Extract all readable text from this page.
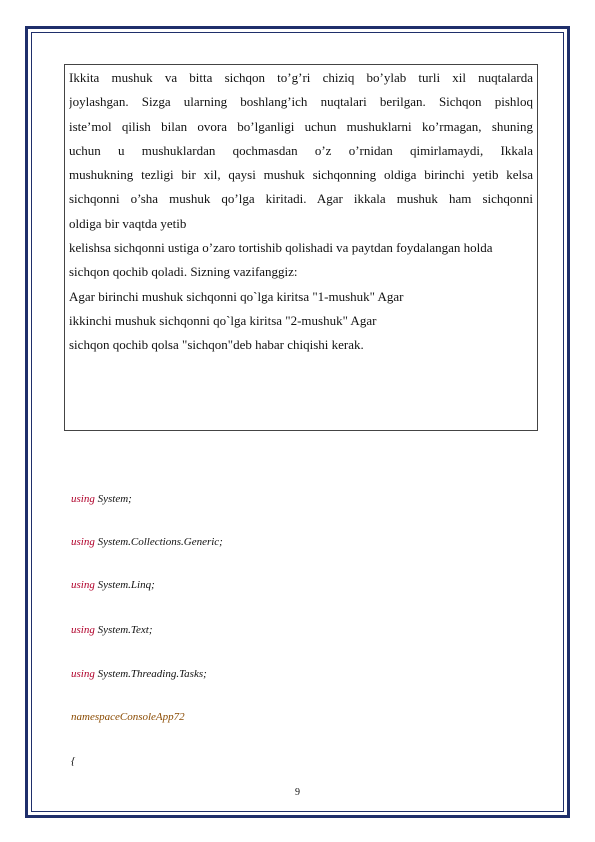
Ikkita mushuk va bitta sichqon to’g’ri chiziq bo’ylab turli xil nuqtalarda
joylashgan. Sizga ularning boshlang’ich nuqtalari berilgan. Sichqon pishloq
iste’mol qilish bilan ovora bo’lganligi uchun mushuklarni ko’rmagan, shuning
uchun u mushuklardan qochmasdan o’z o’rnidan qimirlamaydi, Ikkala
mushukning tezligi bir xil, qaysi mushuk sichqonning oldiga birinchi yetib kelsa
sichqonni o’sha mushuk qo’lga kiritadi. Agar ikkala mushuk ham sichqonni
oldiga bir vaqtda yetib
kelishsa sichqonni ustiga o’zaro tortishib qolishadi va paytdan foydalangan holda
sichqon qochib qoladi. Sizning vazifanggiz:
Agar birinchi mushuk sichqonni qo`lga kiritsa "1-mushuk" Agar
ikkinchi mushuk sichqonni qo`lga kiritsa "2-mushuk" Agar
sichqon qochib qolsa "sichqon"deb habar chiqishi kerak.
using System;
using System.Collections.Generic;
using System.Linq;
using System.Text;
using System.Threading.Tasks;
namespaceConsoleApp72
{
9
